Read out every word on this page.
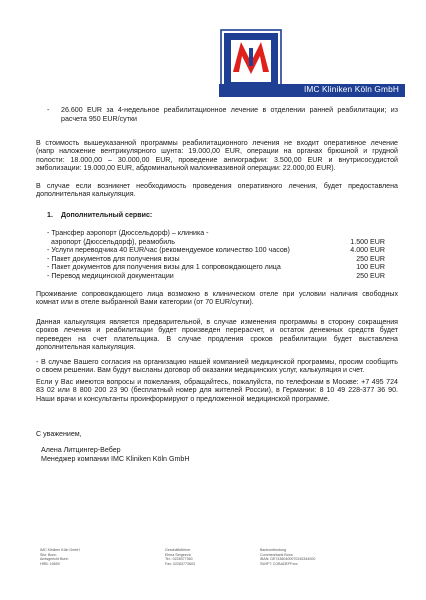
IMC Kliniken Köln GmbH
- 26.600 EUR за 4-недельное реабилитационное лечение в отделении ранней реабилитации; из
расчета 950 EUR/сутки
В стоимость вышеуказанной программы реабилитационного лечения не входит оперативное лечение
(напр наложение вентрикулярного шунта: 19.000,00 EUR, операции на органах брюшной и грудной
полости: 18.000,00 – 30.000,00 EUR, проведение ангиографии: 3.500,00 EUR и внутрисосудистой
эмболизации: 19.000,00 EUR, абдоминальной малоинвазивной операции: 22.000,00 EUR).
В случае если возникнет необходимость проведения оперативного лечения, будет предоставлена
дополнительная калькуляция.
1. Дополнительный сервис:
- Трансфер аэропорт (Дюссельдорф) – клиника -
аэропорт (Дюссельдорф), реамобиль	1.500 EUR
- Услуги переводчика 40 EUR/час (рекомендуемое количество 100 часов)	4.000 EUR
- Пакет документов для получения визы	250 EUR
- Пакет документов для получения визы для 1 сопровождающего лица	100 EUR
- Перевод медицинской документации	250 EUR
Проживание сопровождающего лица возможно в клиническом отеле при условии наличия свободных
комнат или в отеле выбранной Вами категории (от 70 EUR/сутки).
Данная калькуляция является предварительной, в случае изменения программы в сторону сокращения
сроков лечения и реабилитации будет произведен перерасчет, и остаток денежных средств будет
переведен на счет плательщика. В случае продления сроков реабилитации будет выставлена
дополнительная калькуляция.
- В случае Вашего согласия на организацию нашей компанией медицинской программы, просим сообщить
о своем решении. Вам будут высланы договор об оказании медицинских услуг, калькуляция и счет.
Если у Вас имеются вопросы и пожелания, обращайтесь, пожалуйста, по телефонам в Москве: +7 495 724
83 02 или 8 800 200 23 90 (бесплатный номер для жителей России), в Германии: 8 10 49 228-377 36 90.
Наши врачи и консультанты проинформируют о предложенной медицинской программе.
С уважением,
Алена Литцингер-Вебер
Менеджер компании IMC Kliniken Köln GmbH
IMC Kliniken Köln GmbH
Sitz: Bonn
Amtsgericht Bonn
HRB: 15659
Geschäftsführer
Elena Sergeeva
Tel.: 0228377360
Fax: 02283773603
Bankverbindung
Commerzbank Bonn
IBAN: DE74380400070245344000
SWIFT: COBADEFFxxx
